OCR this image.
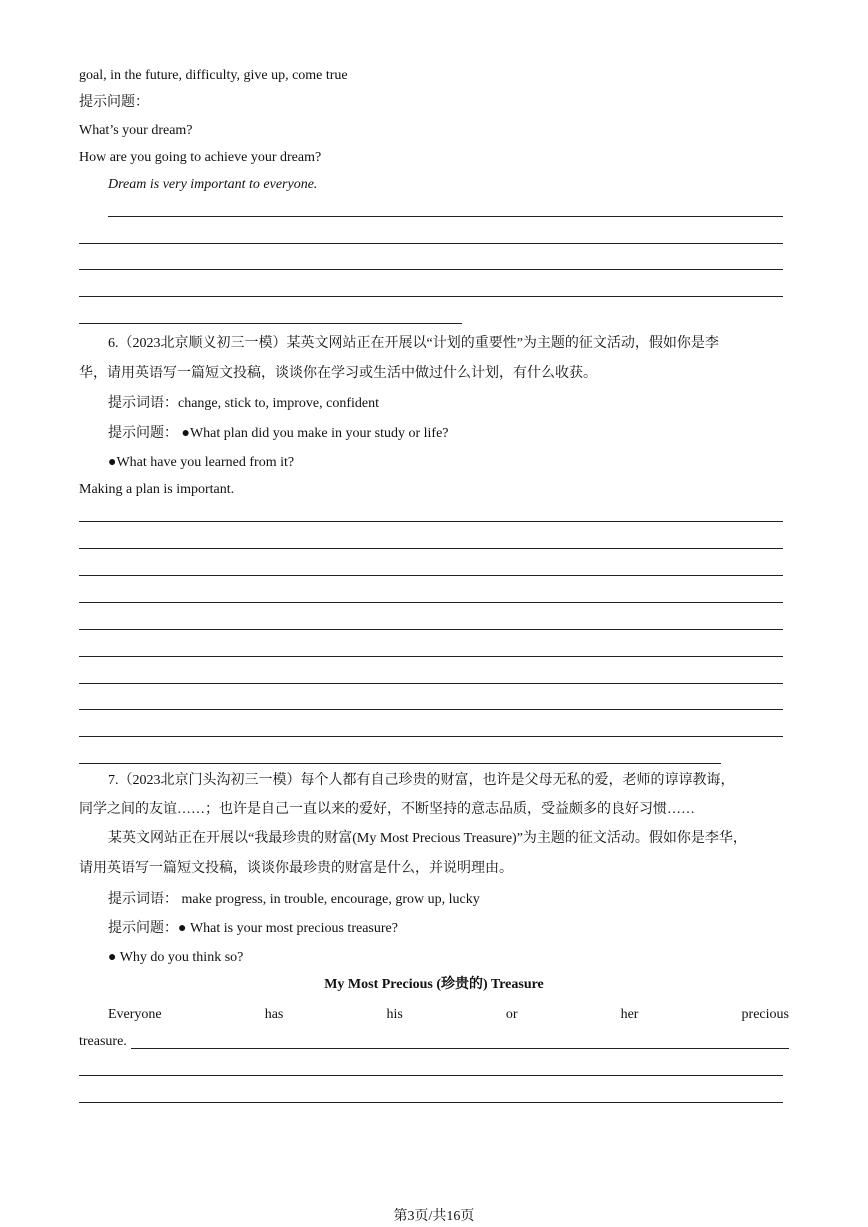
goal, in the future, difficulty, give up, come true
提示问题：
What’s your dream?
How are you going to achieve your dream?
Dream is very important to everyone.
6.（2023北京顺义初三一模）某英文网站正在开展以“计划的重要性”为主题的征文活动，假如你是李
华，请用英语写一篇短文投稿，谈谈你在学习或生活中做过什么计划，有什么收获。
提示词语：change, stick to, improve, confident
提示问题： ●What plan did you make in your study or life?
●What have you learned from it?
Making a plan is important.
7.（2023北京门头沟初三一模）每个人都有自己珍贵的财富，也许是父母无私的爱，老师的谆谆教诲，
同学之间的友谊……；也许是自己一直以来的爱好，不断坚持的意志品质，受益颇多的良好习惯……
某英文网站正在开展以“我最珍贵的财富(My Most Precious Treasure)”为主题的征文活动。假如你是李华，
请用英语写一篇短文投稿，谈谈你最珍贵的财富是什么，并说明理由。
提示词语： make progress, in trouble, encourage, grow up, lucky
提示问题：● What is your most precious treasure?
● Why do you think so?
My Most Precious (珍贵的) Treasure
Everyone	has	his	or	her	precious
treasure.
第3页/共16页
